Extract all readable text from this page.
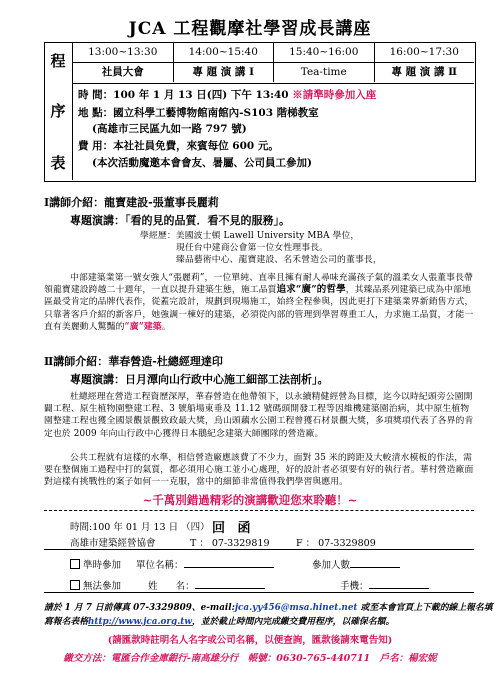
JCA 工程觀摩社學習成長講座
程
序
表
13:00~13:30	14:00~15:40	15:40~16:00	16:00~17:30
社員大會	專 題 演 講 Ⅰ	Tea-time	專 題 演 講 Ⅱ
時 間：100 年 1 月 13 日(四) 下午 13:40 ※請準時參加入座
地 點：國立科學工藝博物館南館內-S103 階梯教室
(高雄市三民區九如一路 797 號)
費 用：本社社員免費，來賓每位 600 元。
(本次活動魔邀本會會友、暑屬、公司員工參加)
Ⅰ講師介紹：龍寶建設-張董事長麗莉
專題演講：「看的見的品質．看不見的服務」。
學經歷：美國波士頓 Lawell University MBA 學位，
現任台中建商公會第一位女性理事長。
臻品藝術中心、龍寶建設、名禾營造公司的董事長，
中部建築業第一號女強人“張麗莉”，一位單純、直率且擁有耐人尋味充滿孩子氣的溫柔女人張董事長帶領龍寶建設跨越二十週年，一直以提升建築生態，施工品質追求“廣”的哲學，其臻品系列建築已成為中部地區最受肯定的品牌代表作，從蓋完設計，規劃到現場施工，始終全程參與，因此更打下建築業界新銷售方式，只靠著客戶介紹的新客戶，她強調一棟好的建築，必須從內部的管理到學習尊重工人，力求施工品質，才能一直有美麗動人驚豔的“廣”建築。
Ⅱ講師介紹：華春營造-杜總經理達印
專題演講：日月潭向山行政中心施工細部工法剖析」。
杜總經理在營造工程資歷深厚，華春營造在他帶領下，以永續精健經營為目標，迄今以時紀頭旁公園開闢工程、原生植物園整建工程、3 號船場東垂及 11.12 號碼頭開發工程等因維機建築園治病，其中原生植物園整建工程也獲全國景觀景觀致政最大獎，烏山頭藕水公園工程曾獲石材景觀大獎，多項獎項代表了各界的肯定也於 2009 年向山行政中心獲得日本鵝紀念建築大師團隊的營造廠。
公共工程就有這樣的水準，相信營造廠應該費了不少力，面對 35 米的跨距及大較清水模板的作法，需要在整個施工過程中打的氣質，都必須用心施工並小心處理，好的設計者必須要有好的執行者。華村營造廠面對這樣有挑戰性的案子如何一一克服，當中的細節非常值得我們學習與應用。
~千萬別錯過精彩的演講歡迎您來聆聽！~
時間:100 年 01 月 13 日 （四） 回 函
高雄市建築經營協會	T ： 07-3329819	F ： 07-3329809
準時參加 單位名稱：	參加人數
無法參加	姓 名：	手機：
請於 1 月 7 日前傳真 07-3329809、e-mail:jca.yy456@msa.hinet.net 或至本會官頁上下載的線上報名填
寫報名表格http://www.jca.org.tw，並於截止時間內完成繳交費用程序，以確保名額。
(請匯款時註明名人名字或公司名稱，以便查詢，匯款後請來電告知)
繳交方法：電匯合作金庫銀行-南高雄分行　帳號：0630-765-440711　戶名：楊宏妮
